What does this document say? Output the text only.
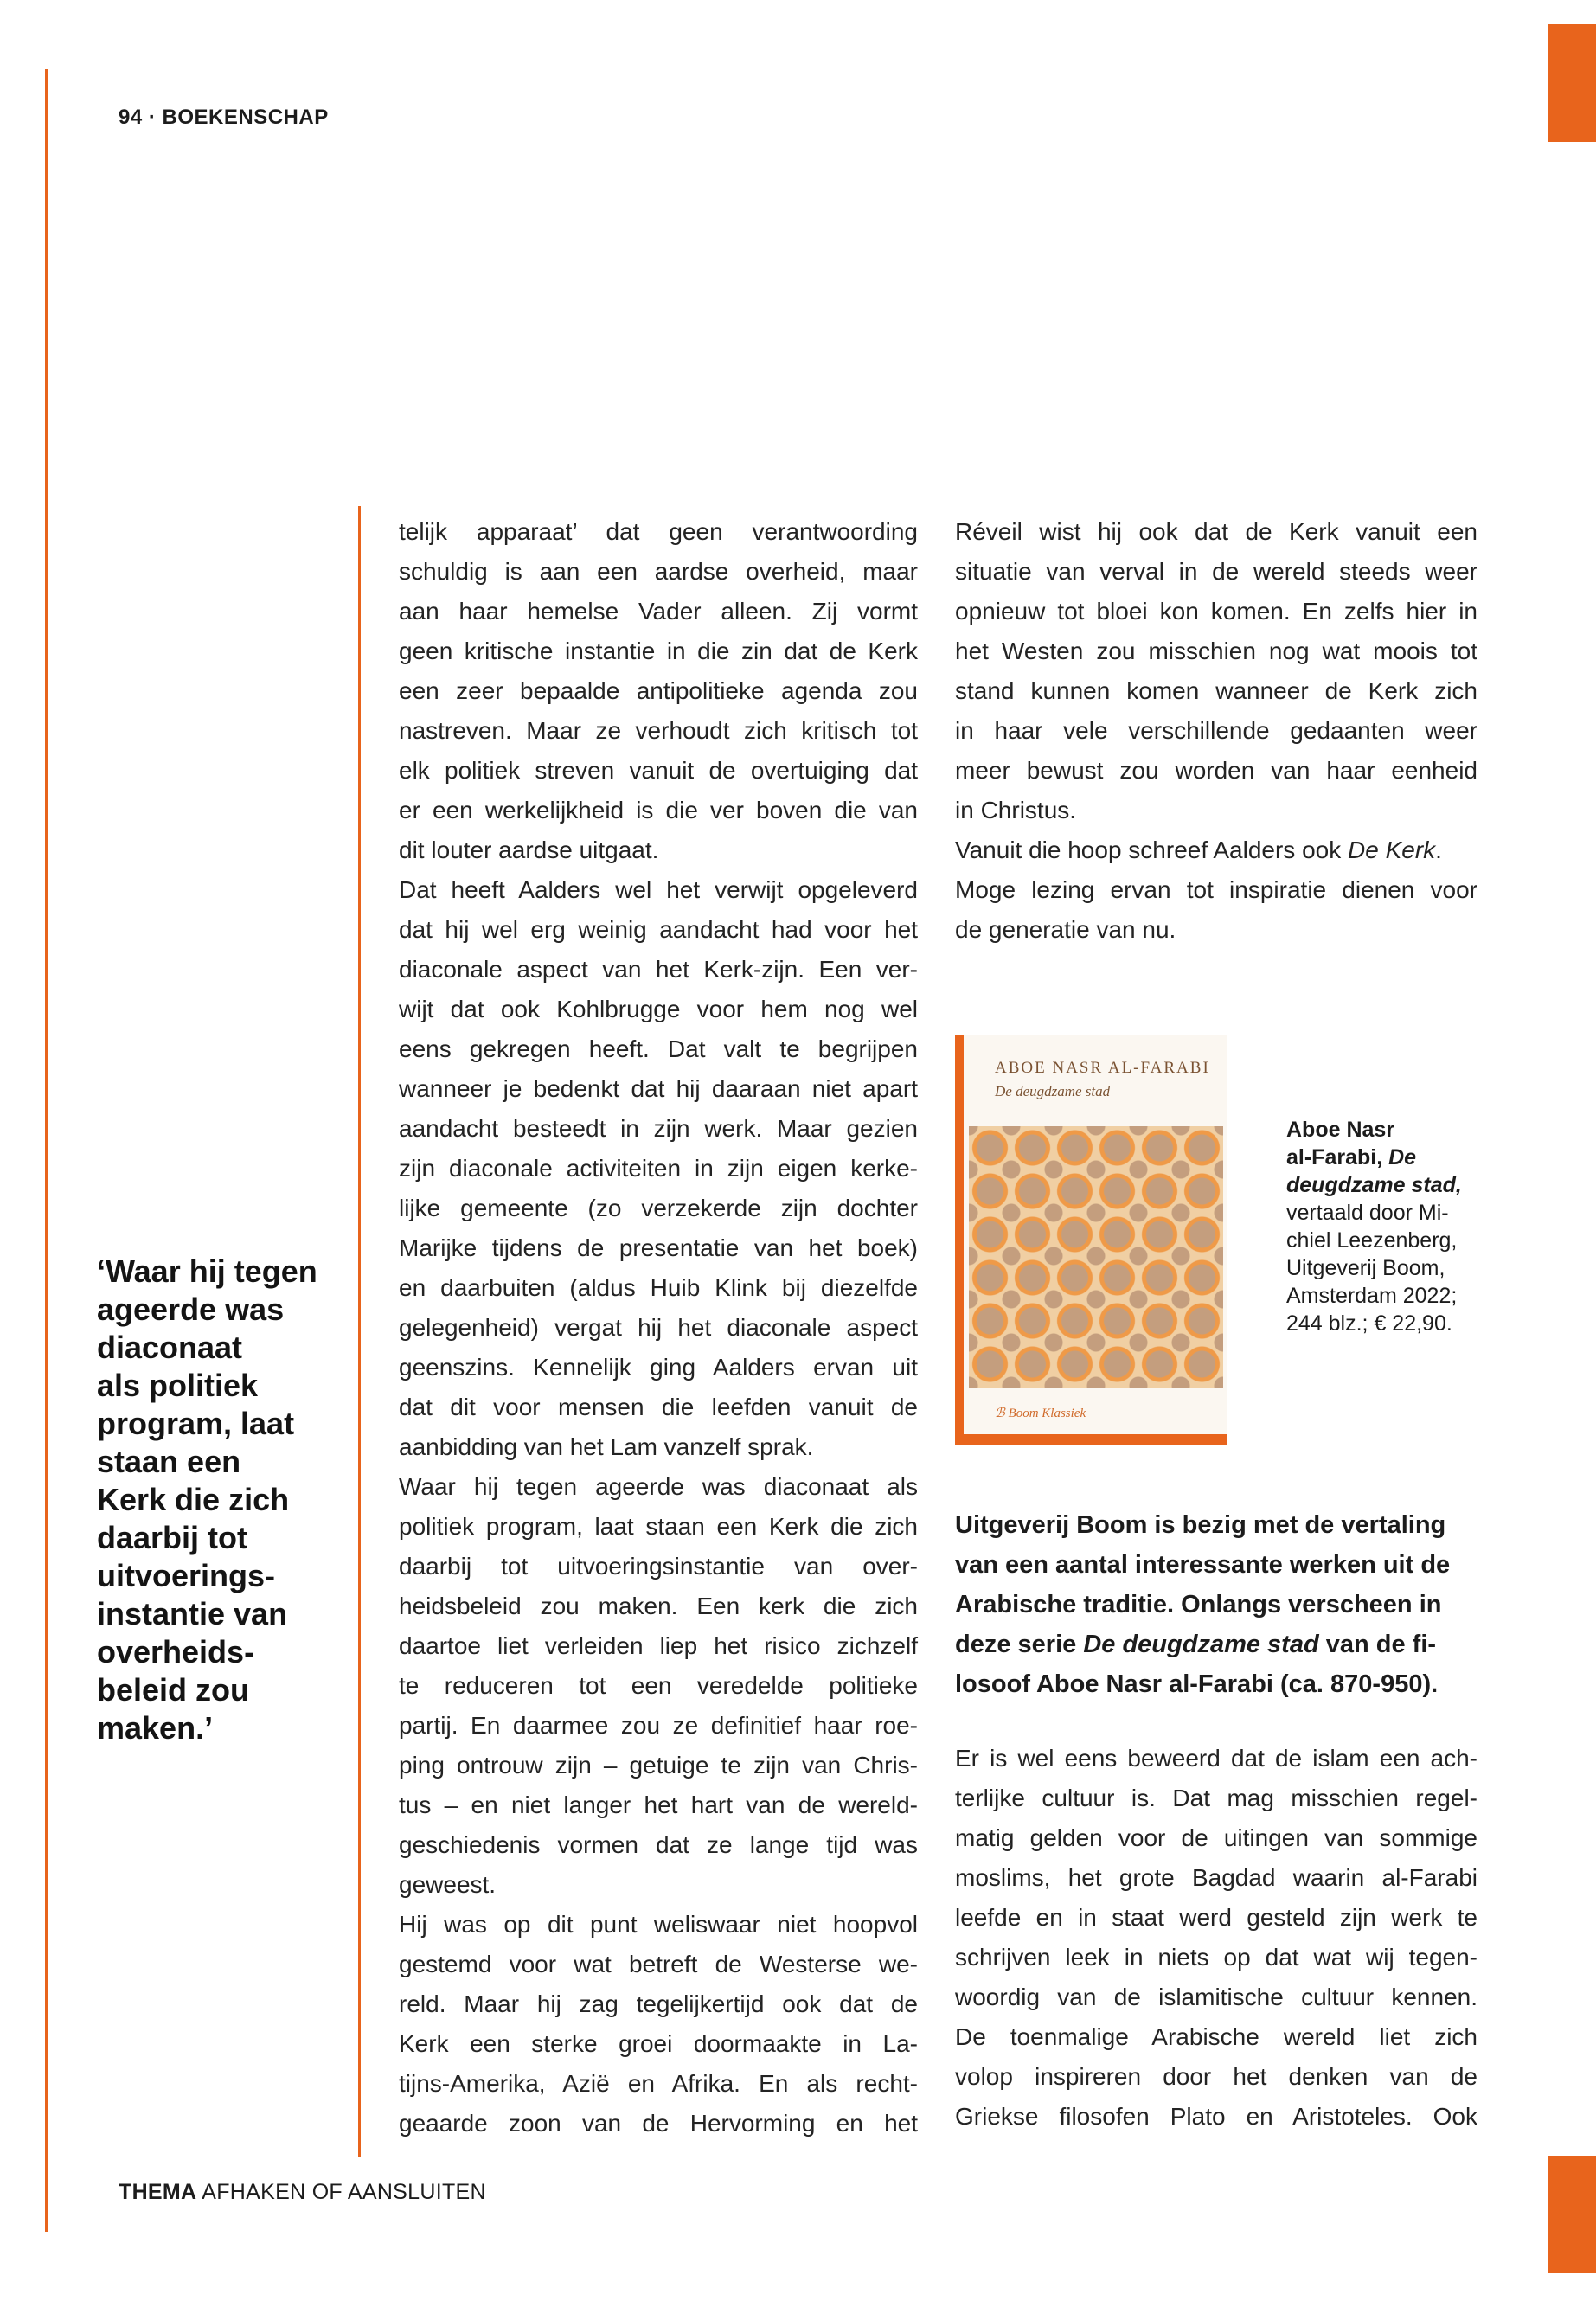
94 · BOEKENSCHAP
‘Waar hij tegen
ageerde was
diaconaat
als politiek
program, laat
staan een
Kerk die zich
daarbij tot
uitvoerings-
instantie van
overheids-
beleid zou
maken.’
telijk apparaat’ dat geen verantwoording
schuldig is aan een aardse overheid, maar
aan haar hemelse Vader alleen. Zij vormt
geen kritische instantie in die zin dat de Kerk
een zeer bepaalde antipolitieke agenda zou
nastreven. Maar ze verhoudt zich kritisch tot
elk politiek streven vanuit de overtuiging dat
er een werkelijkheid is die ver boven die van
dit louter aardse uitgaat.
Dat heeft Aalders wel het verwijt opgeleverd
dat hij wel erg weinig aandacht had voor het
diaconale aspect van het Kerk-zijn. Een ver-
wijt dat ook Kohlbrugge voor hem nog wel
eens gekregen heeft. Dat valt te begrijpen
wanneer je bedenkt dat hij daaraan niet apart
aandacht besteedt in zijn werk. Maar gezien
zijn diaconale activiteiten in zijn eigen kerke-
lijke gemeente (zo verzekerde zijn dochter
Marijke tijdens de presentatie van het boek)
en daarbuiten (aldus Huib Klink bij diezelfde
gelegenheid) vergat hij het diaconale aspect
geenszins. Kennelijk ging Aalders ervan uit
dat dit voor mensen die leefden vanuit de
aanbidding van het Lam vanzelf sprak.
Waar hij tegen ageerde was diaconaat als
politiek program, laat staan een Kerk die zich
daarbij tot uitvoeringsinstantie van over-
heidsbeleid zou maken. Een kerk die zich
daartoe liet verleiden liep het risico zichzelf
te reduceren tot een veredelde politieke
partij. En daarmee zou ze definitief haar roe-
ping ontrouw zijn – getuige te zijn van Chris-
tus – en niet langer het hart van de wereld-
geschiedenis vormen dat ze lange tijd was
geweest.
Hij was op dit punt weliswaar niet hoopvol
gestemd voor wat betreft de Westerse we-
reld. Maar hij zag tegelijkertijd ook dat de
Kerk een sterke groei doormaakte in La-
tijns-Amerika, Azië en Afrika. En als recht-
geaarde zoon van de Hervorming en het
Réveil wist hij ook dat de Kerk vanuit een
situatie van verval in de wereld steeds weer
opnieuw tot bloei kon komen. En zelfs hier in
het Westen zou misschien nog wat moois tot
stand kunnen komen wanneer de Kerk zich
in haar vele verschillende gedaanten weer
meer bewust zou worden van haar eenheid
in Christus.
Vanuit die hoop schreef Aalders ook De Kerk.
Moge lezing ervan tot inspiratie dienen voor
de generatie van nu.
ABOE NASR AL-FARABI
De deugdzame stad
ℬ Boom Klassiek
Aboe Nasr
al-Farabi, De
deugdzame stad,
vertaald door Mi-
chiel Leezenberg,
Uitgeverij Boom,
Amsterdam 2022;
244 blz.; € 22,90.
Uitgeverij Boom is bezig met de vertaling
van een aantal interessante werken uit de
Arabische traditie. Onlangs verscheen in
deze serie De deugdzame stad van de fi-
losoof Aboe Nasr al-Farabi (ca. 870-950).
Er is wel eens beweerd dat de islam een ach-
terlijke cultuur is. Dat mag misschien regel-
matig gelden voor de uitingen van sommige
moslims, het grote Bagdad waarin al-Farabi
leefde en in staat werd gesteld zijn werk te
schrijven leek in niets op dat wat wij tegen-
woordig van de islamitische cultuur kennen.
De toenmalige Arabische wereld liet zich
volop inspireren door het denken van de
Griekse filosofen Plato en Aristoteles. Ook
THEMA AFHAKEN OF AANSLUITEN
